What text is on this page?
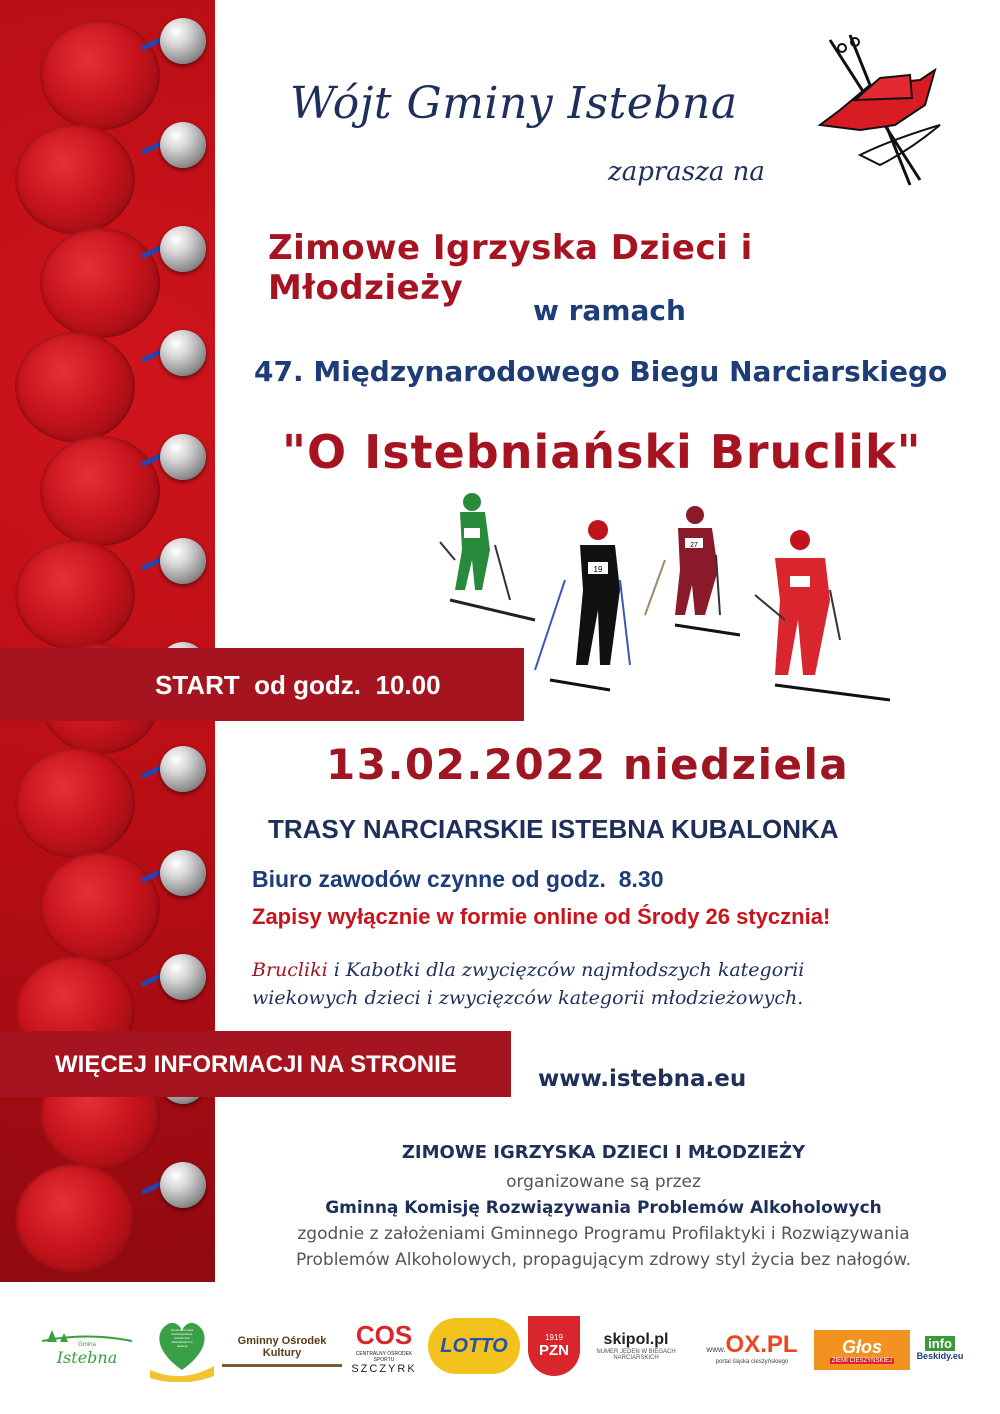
Wójt Gminy Istebna
zaprasza na
Zimowe Igrzyska Dzieci i Młodzieży
w ramach
47. Międzynarodowego Biegu Narciarskiego
"O Istebniański Bruclik"
19
27
START  od godz.  10.00
13.02.2022 niedziela
TRASY NARCIARSKIE ISTEBNA KUBALONKA
Biuro zawodów czynne od godz.  8.30
Zapisy wyłącznie w formie online od Środy 26 stycznia!
Brucliki i Kabotki dla zwycięzców najmłodszych kategorii
wiekowych dzieci i zwycięzców kategorii młodzieżowych.
WIĘCEJ INFORMACJI NA STRONIE
www.istebna.eu

ZIMOWE IGRZYSKA DZIECI I MŁODZIEŻY

organizowane są przez

Gminną Komisję Rozwiązywania Problemów Alkoholowych

zgodnie z założeniami Gminnego Programu Profilaktyki i Rozwiązywania

Problemów Alkoholowych, propagującym zdrowy styl życia bez nałogów.

Gmina
Istebna
Gminna Komisja Rozwiązywania Problemów Alkoholowych w Istebnej	Gminny Ośrodek Kultury
COS
CENTRALNY OŚRODEK SPORTU
SZCZYRK
LOTTO	1919
PZN
skipol.pl
NUMER JEDEN W BIEGACH NARCIARSKICH
www.OX.PL
portal śląska cieszyńskiego
Głos
ZIEMI CIESZYŃSKIEJ
info
Beskidy.eu
